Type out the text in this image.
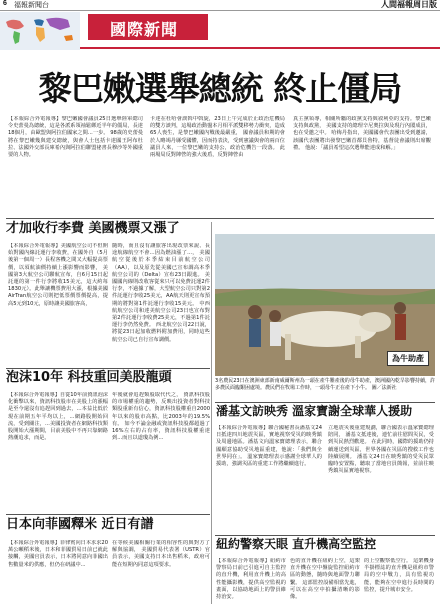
6 福報新聞台	人間福報周日版
國際新聞
黎巴嫩選舉總統 終止僵局
【本報綜合外電報導】黎巴嫩國會議員25日選舉陸軍總司令史蕾曼為總統，這是各派系領袖鬆綁近半年的僵局，長達18個月，由歐盟與阿拉伯國家之間...一步。 98歲的史蕾曼將在黎巴嫩幾與建交總統，與會人士包括卡達國王阿布杜拉、法國外交部長庫希內與阿拉伯聯盟祕書長穆沙等外國重要的人物。
卡達在杜哈會談斡中斡旋，23日上午完成於止政治危機局的雙方談判，這場政治動盪本月相平派雙移勢力衝突，造成65人喪生，是黎巴嫩國內戰後最嚴重， 國會議員和期的會於人略竭丹縣受國體，因而持表決，受到憲議與會的兩百位議員人來，一位黎巴嫩的支持公，政治危機告一段落。 此兩場局反對陣營的強大後盾，反對陣營由
真主黨領導，相關所屬的政黨支持與敘利亞的支持。黎巴嫩支持與政黨， 美國支持的總理辛尼奧拉與及現行內閣成員，也在受邀之中。 哈梅丹指出，美國國會代表團出受到邀請，該國代表團將出發黎巴嫩首都貝魯特，基督徒會議則出席觀禮。 他說：「議員希望這次選舉能達成和解。」
才加收行李費 美國機票又漲了
【本報綜合外電報導】美國航空公司不但開始對國內線託運行李收費，在國外自（5月後第一個周一）長程客機之間又大幅提高票價，以須航油價持續上漲影響而影響， 美國第3大航空公司聯航宣布，自6月15日起託運的第一件行李將收15美元，這大約每1830元）。此舉讓機票費用大漲，根據美國AirTran航空公司則把低票價票價提高，提高5元到10元，原時讓美國旅客高，
隨時，而且沒有讓旅客出現改票來說、長途航線航空不會...因為燃油漲了...， 美國航空從後於本季結束目前航空公司（AA），以及原先從美國已宣布調高本季航空公司的（Delta）宣布23日跟進。 美國國內線則改收客從來只可以免費託運2件行李，不過據了解，大型航空公司只對第2件託運行李收25美元，AA航天則更宣布預期的將對第1件託運行李收15美元。 中西航航空公司和達美航空公司23日也宣布對第2件託運行李收費25美元，不過第1件託運行李仍然免費。 西北航空公司22日說，將從23日起加收燃料附加費用，同時這些航空公司已自行宣布調價。
為牛助產
3名農民23日在澳洲東部新南威爾斯州為一頭在產牛難產後的母牛助產，澳洲國內乾旱影響持續，許多農民面臨艱困處境。農民們在牧場工作時，一頭母牛正在產下小牛。 圖／法新社
泡沫10年 科技重回美股龍頭
【本報綜合外電報導】自從10年前資訊泡沫化衝擊以來，資訊科技股市在美股上的漲幅是至今還沒有追趕回到過去，...本益比低於現在前期五年平均以上，...網路股開始回流，受到關注，...美國投資者在網路科技類股開始大漲期間，目前美股中不再只靠網路熱潮追求，而是。
年後就會追趕類股取代代之， 資訊科技股的市場權重的趨勢，反映出投資者對科技類股重新有信心，資訊科技股權重自2000年以來的股市高點，比2003年的19.5%有。 如今不論金融或資訊科技股都超過了16%左右的占有率，資訊科技股權重達到...而且以道瓊為例...
日本向菲國釋米 近日有譜
【本報綜合外電報導】菲律賓向日本求求20萬公噸稻米後，日本和菲國貿易日前已就此接觸，美國官員表示，日本將同意向菲國出售數量米的供應，但仍在研議中...
在等候美國相關行業的相容性的與對方了解與協調， 美國貿易代表署（USTR）官員表示，美國支持日本出售稻米，政府可能在短期內同意這項要求。
潘基文訪映秀 溫家寶謝全球華人援助
【本報綜合外電報導】聯合國秘書長潘基文24日抵達四川地震災區，實地視察受災的映秀鎮及周邊地區。潘基文向溫家寶總理表示，聯合國願意協助受災地區重建，他說：「我們與全世界同在」。 溫家寶總理表示感謝全球華人的援助，強調災區的重建工作將繼續進行。
立地震災後重建規劃，聯合國表示溫家寶總理陪同， 潘基文抵達後，連忙前往慰問災民，受到災民熱烈歡迎。 在此同時，國際的援助仍持續運送到災區，世界各國在災區的搜救工作也陸續展開。 潘基文24日在映秀鎮的受災民眾臨時安置點，聽取了當地官員簡報，並前往映秀鎮災區實地視察。
紐約警察天眼 直升機高空監控
【本報綜合外電報導】紐約市警察局日前已引進可自主監控的直升機，利用直升機上的高性能攝影機，提供高空監視的畫面，以協助地面上的警員維持治安。
色的直升機在紐約上空，這架直升機在空中盤旋監控紐約市區的動態，隨時與地面警力聯繫。 這部監控設備相當先進，可以在高空中拍攝清晰的影像。
的上空觀察低空行。 這架機身半掛標誌的直升機是紐約市警局的空中戰力，具有監視功能，能夠在空中進行長時間的監控，提升城市安全。
